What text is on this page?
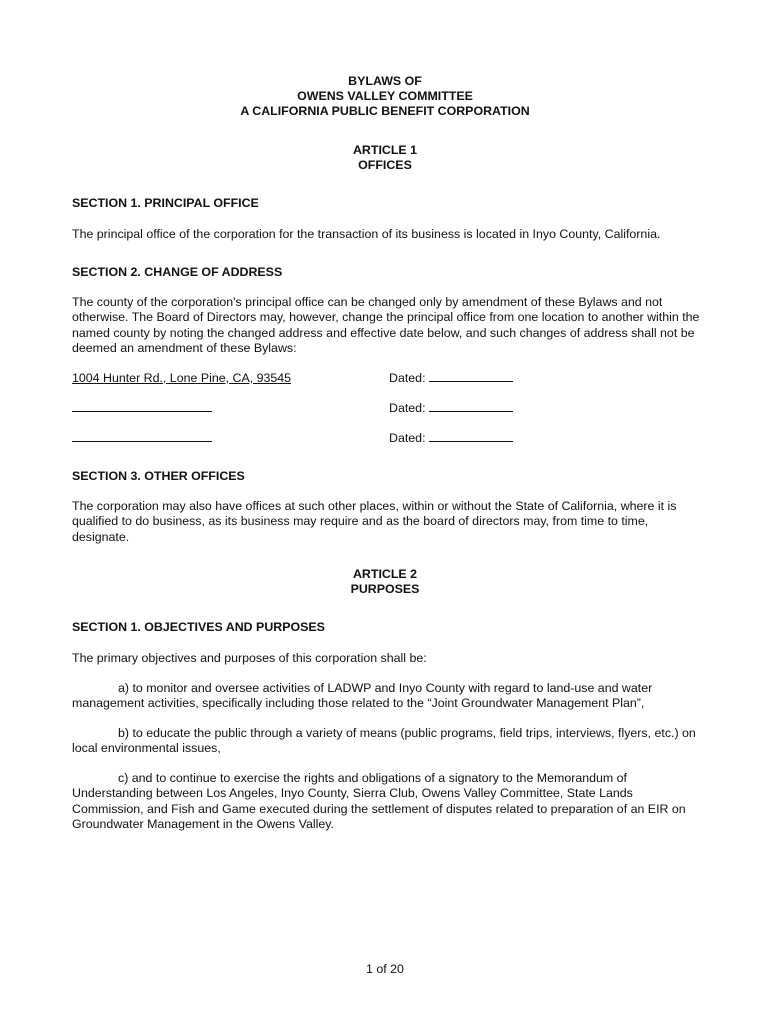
BYLAWS OF
OWENS VALLEY COMMITTEE
A CALIFORNIA PUBLIC BENEFIT CORPORATION
ARTICLE 1
OFFICES
SECTION 1. PRINCIPAL OFFICE
The principal office of the corporation for the transaction of its business is located in Inyo County, California.
SECTION 2. CHANGE OF ADDRESS
The county of the corporation's principal office can be changed only by amendment of these Bylaws and not otherwise. The Board of Directors may, however, change the principal office from one location to another within the named county by noting the changed address and effective date below, and such changes of address shall not be deemed an amendment of these Bylaws:
1004 Hunter Rd., Lone Pine, CA, 93545	Dated:
Dated:
Dated:
SECTION 3. OTHER OFFICES
The corporation may also have offices at such other places, within or without the State of California, where it is qualified to do business, as its business may require and as the board of directors may, from time to time, designate.
ARTICLE 2
PURPOSES
SECTION 1. OBJECTIVES AND PURPOSES
The primary objectives and purposes of this corporation shall be:
a) to monitor and oversee activities of LADWP and Inyo County with regard to land-use and water management activities, specifically including those related to the “Joint Groundwater Management Plan”,
b) to educate the public through a variety of means (public programs, field trips, interviews, flyers, etc.) on local environmental issues,
c) and to continue to exercise the rights and obligations of a signatory to the Memorandum of Understanding between Los Angeles, Inyo County, Sierra Club, Owens Valley Committee, State Lands Commission, and Fish and Game executed during the settlement of disputes related to preparation of an EIR on Groundwater Management in the Owens Valley.
1 of 20
